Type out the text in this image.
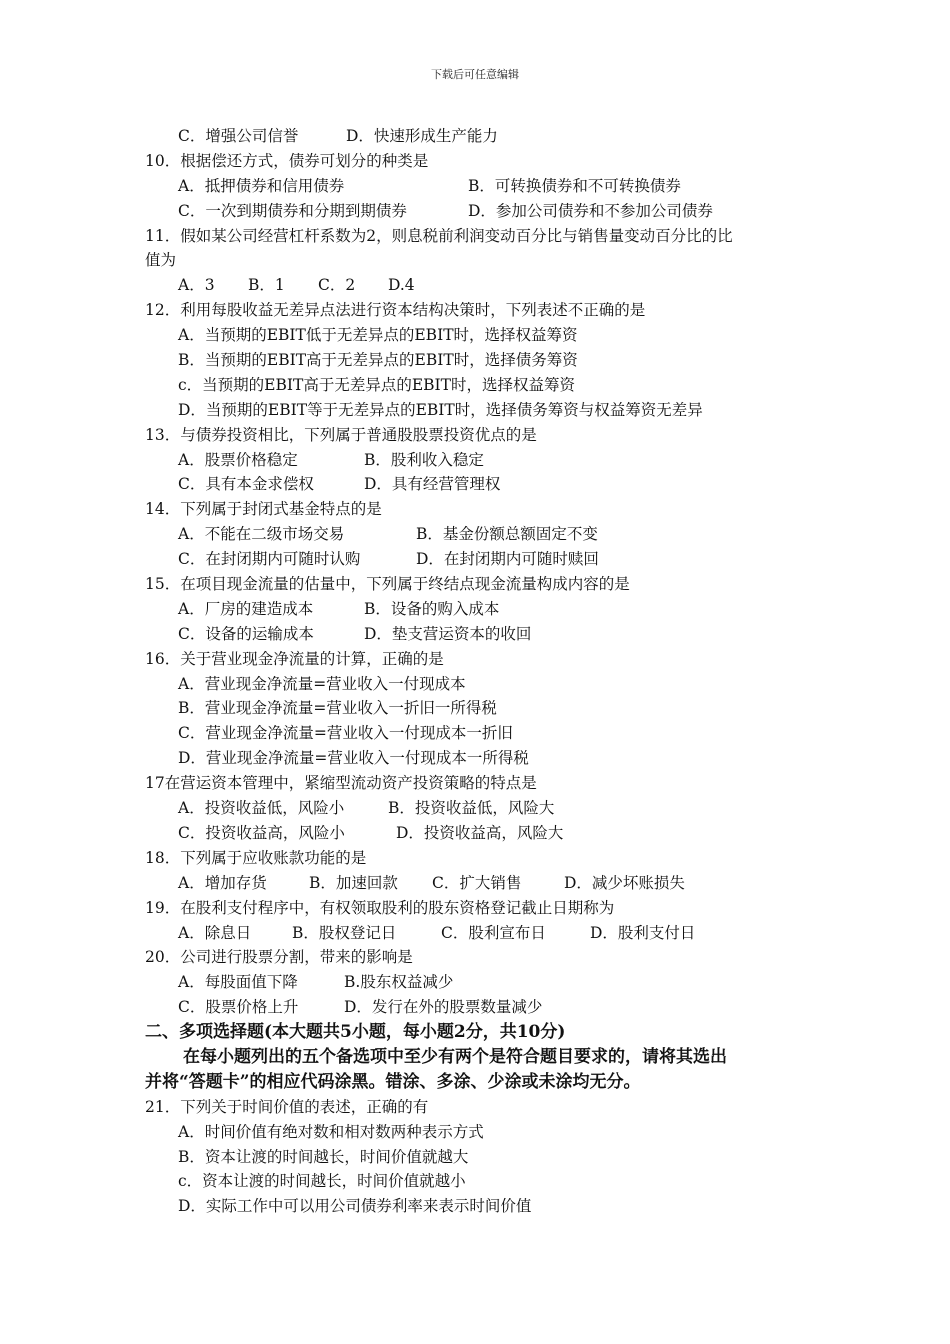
下载后可任意编辑
C．增强公司信誉	D．快速形成生产能力
10．根据偿还方式，债券可划分的种类是
A．抵押债券和信用债券	B．可转换债券和不可转换债券
C．一次到期债券和分期到期债券	D．参加公司债券和不参加公司债券
11．假如某公司经营杠杆系数为2，则息税前利润变动百分比与销售量变动百分比的比
值为
A．3 B．1 C．2 D.4
12．利用每股收益无差异点法进行资本结构决策时，下列表述不正确的是
A．当预期的EBIT低于无差异点的EBIT时，选择权益筹资
B．当预期的EBIT高于无差异点的EBIT时，选择债务筹资
c．当预期的EBIT高于无差异点的EBIT时，选择权益筹资
D．当预期的EBIT等于无差异点的EBIT时，选择债务筹资与权益筹资无差异
13．与债券投资相比，下列属于普通股股票投资优点的是
A．股票价格稳定	B．股利收入稳定
C．具有本金求偿权	D．具有经营管理权
14．下列属于封闭式基金特点的是
A．不能在二级市场交易	B．基金份额总额固定不变
C．在封闭期内可随时认购	D．在封闭期内可随时赎回
15．在项目现金流量的估量中，下列属于终结点现金流量构成内容的是
A．厂房的建造成本	B．设备的购入成本
C．设备的运输成本	D．垫支营运资本的收回
16．关于营业现金净流量的计算，正确的是
A．营业现金净流量=营业收入一付现成本
B．营业现金净流量=营业收入一折旧一所得税
C．营业现金净流量=营业收入一付现成本一折旧
D．营业现金净流量=营业收入一付现成本一所得税
17在营运资本管理中，紧缩型流动资产投资策略的特点是
A．投资收益低，风险小	B．投资收益低，风险大
C．投资收益高，风险小	D．投资收益高，风险大
18．下列属于应收账款功能的是
A．增加存货	B．加速回款 C．扩大销售	D．减少坏账损失
19．在股利支付程序中，有权领取股利的股东资格登记截止日期称为
A．除息日	B．股权登记日	C．股利宣布日	D．股利支付日
20．公司进行股票分割，带来的影响是
A．每股面值下降	B.股东权益减少
C．股票价格上升	D．发行在外的股票数量减少
二、多项选择题(本大题共5小题，每小题2分，共10分)
在每小题列出的五个备选项中至少有两个是符合题目要求的，请将其选出
并将“答题卡”的相应代码涂黑。错涂、多涂、少涂或未涂均无分。
21．下列关于时间价值的表述，正确的有
A．时间价值有绝对数和相对数两种表示方式
B．资本让渡的时间越长，时间价值就越大
c．资本让渡的时间越长，时间价值就越小
D．实际工作中可以用公司债券利率来表示时间价值
